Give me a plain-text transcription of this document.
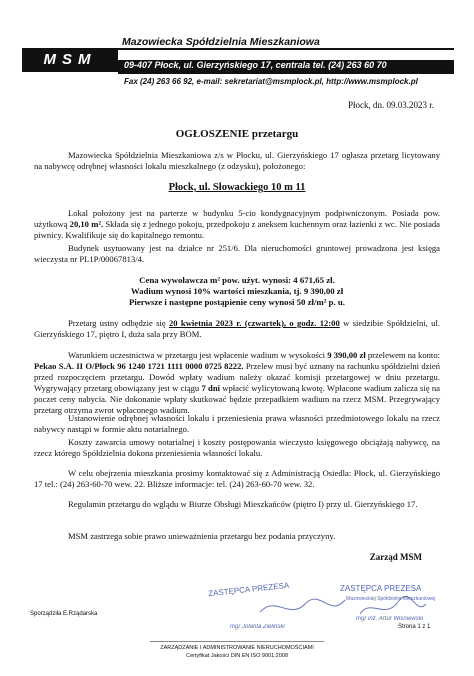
MSM
Mazowiecka Spółdzielnia Mieszkaniowa
09-407 Płock, ul. Gierzyńskiego 17, centrala tel. (24) 263 60 70
Fax (24) 263 66 92, e-mail: sekretariat@msmplock.pl, http://www.msmplock.pl
Płock, dn. 09.03.2023 r.
OGŁOSZENIE przetargu
Mazowiecka Spółdzielnia Mieszkaniowa z/s w Płocku, ul. Gierzyńskiego 17 ogłasza przetarg licytowany na nabywcę odrębnej własności lokalu mieszkalnego (z odzysku), położonego:
Płock, ul. Słowackiego 10 m 11
Lokal położony jest na parterze w budynku 5-cio kondygnacyjnym podpiwniczonym. Posiada pow. użytkową 20,10 m². Składa się z jednego pokoju, przedpokoju z aneksem kuchennym oraz łazienki z wc. Nie posiada piwnicy. Kwalifikuje się do kapitalnego remontu.
Budynek usytuowany jest na działce nr 251/6. Dla nieruchomości gruntowej prowadzona jest księga wieczysta nr PL1P/00067813/4.
Cena wywoławcza m² pow. użyt. wynosi: 4 671,65 zł.
Wadium wynosi 10% wartości mieszkania, tj. 9 390,00 zł
Pierwsze i następne postąpienie ceny wynosi 50 zł/m² p. u.
Przetarg ustny odbędzie się 20 kwietnia 2023 r. (czwartek), o godz. 12:00 w siedzibie Spółdzielni, ul. Gierzyńskiego 17, piętro I, duża sala przy BOM.
Warunkiem uczestnictwa w przetargu jest wpłacenie wadium w wysokości 9 390,00 zł przelewem na konto: Pekao S.A. II O/Płock 96 1240 1721 1111 0000 0725 8222. Przelew musi być uznany na rachunku spółdzielni dzień przed rozpoczęciem przetargu. Dowód wpłaty wadium należy okazać komisji przetargowej w dniu przetargu. Wygrywający przetarg obowiązany jest w ciągu 7 dni wpłacić wylicytowaną kwotę. Wpłacone wadium zalicza się na poczet ceny nabycia. Nie dokonanie wpłaty skutkować będzie przepadkiem wadium na rzecz MSM. Przegrywający przetarg otrzyma zwrot wpłaconego wadium.
Ustanowienie odrębnej własności lokalu i przeniesienia prawa własności przedmiotowego lokalu na rzecz nabywcy nastąpi w formie aktu notarialnego.
Koszty zawarcia umowy notarialnej i koszty postępowania wieczysto księgowego obciążają nabywcę, na rzecz którego Spółdzielnia dokona przeniesienia własności lokalu.
W celu obejrzenia mieszkania prosimy kontaktować się z Administracją Osiedla: Płock, ul. Gierzyńskiego 17 tel.: (24) 263-60-70 wew. 22. Bliższe informacje: tel. (24) 263-60-70 wew. 32.
Regulamin przetargu do wglądu w Biurze Obsługi Mieszkańców (piętro I) przy ul. Gierzyńskiego 17.
MSM zastrzega sobie prawo unieważnienia przetargu bez podania przyczyny.
Zarząd MSM
ZASTĘPCA PREZESA	ZASTĘPCA PREZESA
Mazowieckiej Spółdzielni Mieszkaniowej
mgr Jolanta Zieliński
mgr inż. Artur Wiśniewski
Sporządziła E.Rządarska
Strona 1 z 1
ZARZĄDZANIE I ADMINISTROWANIE NIERUCHOMOŚCIAMI
Certyfikat Jakości DIN EN ISO 9001:2008
